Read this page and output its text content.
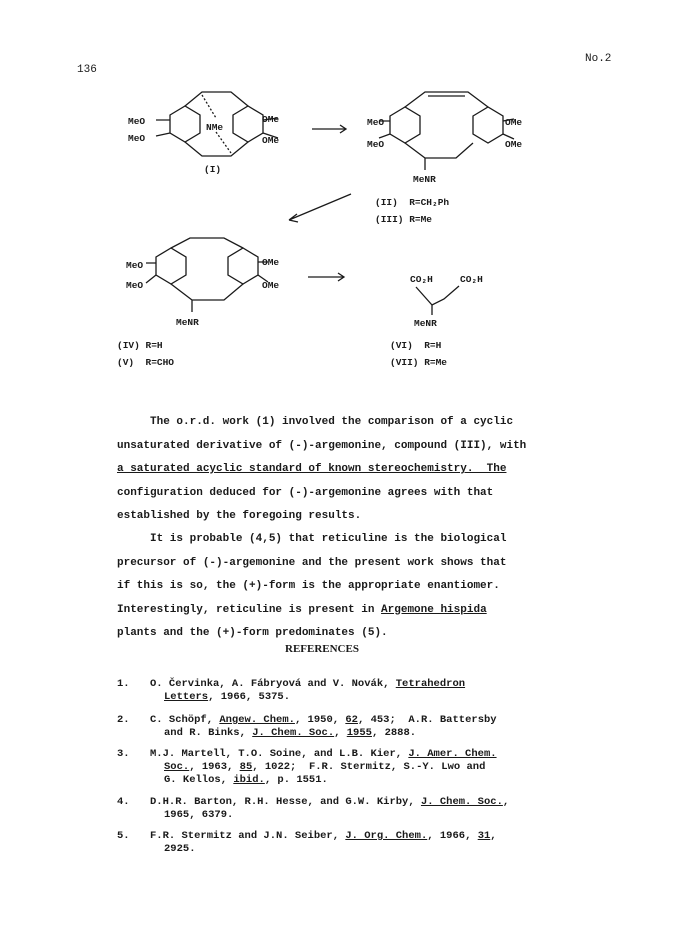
136
No.2
MeO
MeO
NMe
OMe
OMe
(I)
MeO
MeO
OMe
OMe
MeNR
(II)  R=CH₂Ph
(III) R=Me
MeO
MeO
OMe
OMe
MeNR
(IV) R=H
(V)  R=CHO
CO₂H	CO₂H
MeNR
(VI)  R=H
(VII) R=Me
The o.r.d. work (1) involved the comparison of a cyclic
unsaturated derivative of (-)-argemonine, compound (III), with
a saturated acyclic standard of known stereochemistry.  The
configuration deduced for (-)-argemonine agrees with that
established by the foregoing results.
It is probable (4,5) that reticuline is the biological
precursor of (-)-argemonine and the present work shows that
if this is so, the (+)-form is the appropriate enantiomer.
Interestingly, reticuline is present in Argemone hispida
plants and the (+)-form predominates (5).
REFERENCES
1. O. Červinka, A. Fábryová and V. Novák, Tetrahedron
Letters, 1966, 5375.
2. C. Schöpf, Angew. Chem., 1950, 62, 453;  A.R. Battersby
and R. Binks, J. Chem. Soc., 1955, 2888.
3. M.J. Martell, T.O. Soine, and L.B. Kier, J. Amer. Chem.
Soc., 1963, 85, 1022;  F.R. Stermitz, S.-Y. Lwo and
G. Kellos, ibid., p. 1551.
4. D.H.R. Barton, R.H. Hesse, and G.W. Kirby, J. Chem. Soc.,
1965, 6379.
5. F.R. Stermitz and J.N. Seiber, J. Org. Chem., 1966, 31,
2925.
